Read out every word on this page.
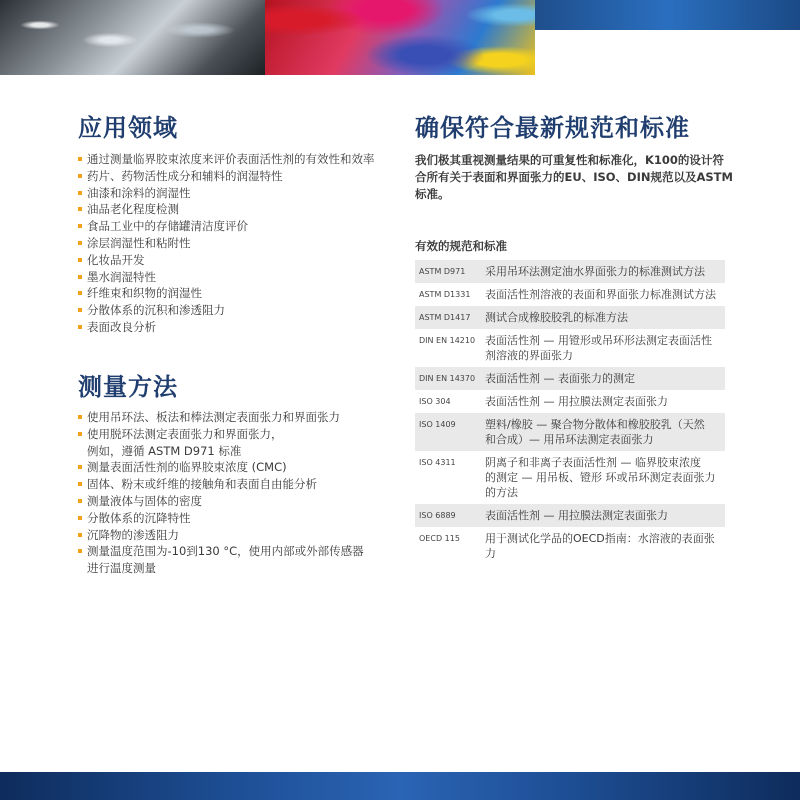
应用领域
通过测量临界胶束浓度来评价表面活性剂的有效性和效率
药片、药物活性成分和辅料的润湿特性
油漆和涂料的润湿性
油品老化程度检测
食品工业中的存储罐清洁度评价
涂层润湿性和粘附性
化妆品开发
墨水润湿特性
纤维束和织物的润湿性
分散体系的沉积和渗透阻力
表面改良分析
测量方法
使用吊环法、板法和棒法测定表面张力和界面张力
使用脱环法测定表面张力和界面张力，
例如，遵循 ASTM D971 标准
测量表面活性剂的临界胶束浓度 (CMC)
固体、粉末或纤维的接触角和表面自由能分析
测量液体与固体的密度
分散体系的沉降特性
沉降物的渗透阻力
测量温度范围为-10到130 °C，使用内部或外部传感器
进行温度测量
确保符合最新规范和标准
我们极其重视测量结果的可重复性和标准化，K100的设计符合所有关于表面和界面张力的EU、ISO、DIN规范以及ASTM标准。
有效的规范和标准
ASTM D971	采用吊环法测定油水界面张力的标准测试方法
ASTM D1331	表面活性剂溶液的表面和界面张力标准测试方法
ASTM D1417	测试合成橡胶胶乳的标准方法
DIN EN 14210 表面活性剂 — 用镫形或吊环形法测定表面活性
剂溶液的界面张力
DIN EN 14370 表面活性剂 — 表面张力的测定
ISO 304	表面活性剂 — 用拉膜法测定表面张力
ISO 1409	塑料/橡胶 — 聚合物分散体和橡胶胶乳（天然
和合成）— 用吊环法测定表面张力
ISO 4311	阴离子和非离子表面活性剂 — 临界胶束浓度
的测定 — 用吊板、镫形 环或吊环测定表面张力
的方法
ISO 6889	表面活性剂 — 用拉膜法测定表面张力
OECD 115	用于测试化学品的OECD指南：水溶液的表面张力
